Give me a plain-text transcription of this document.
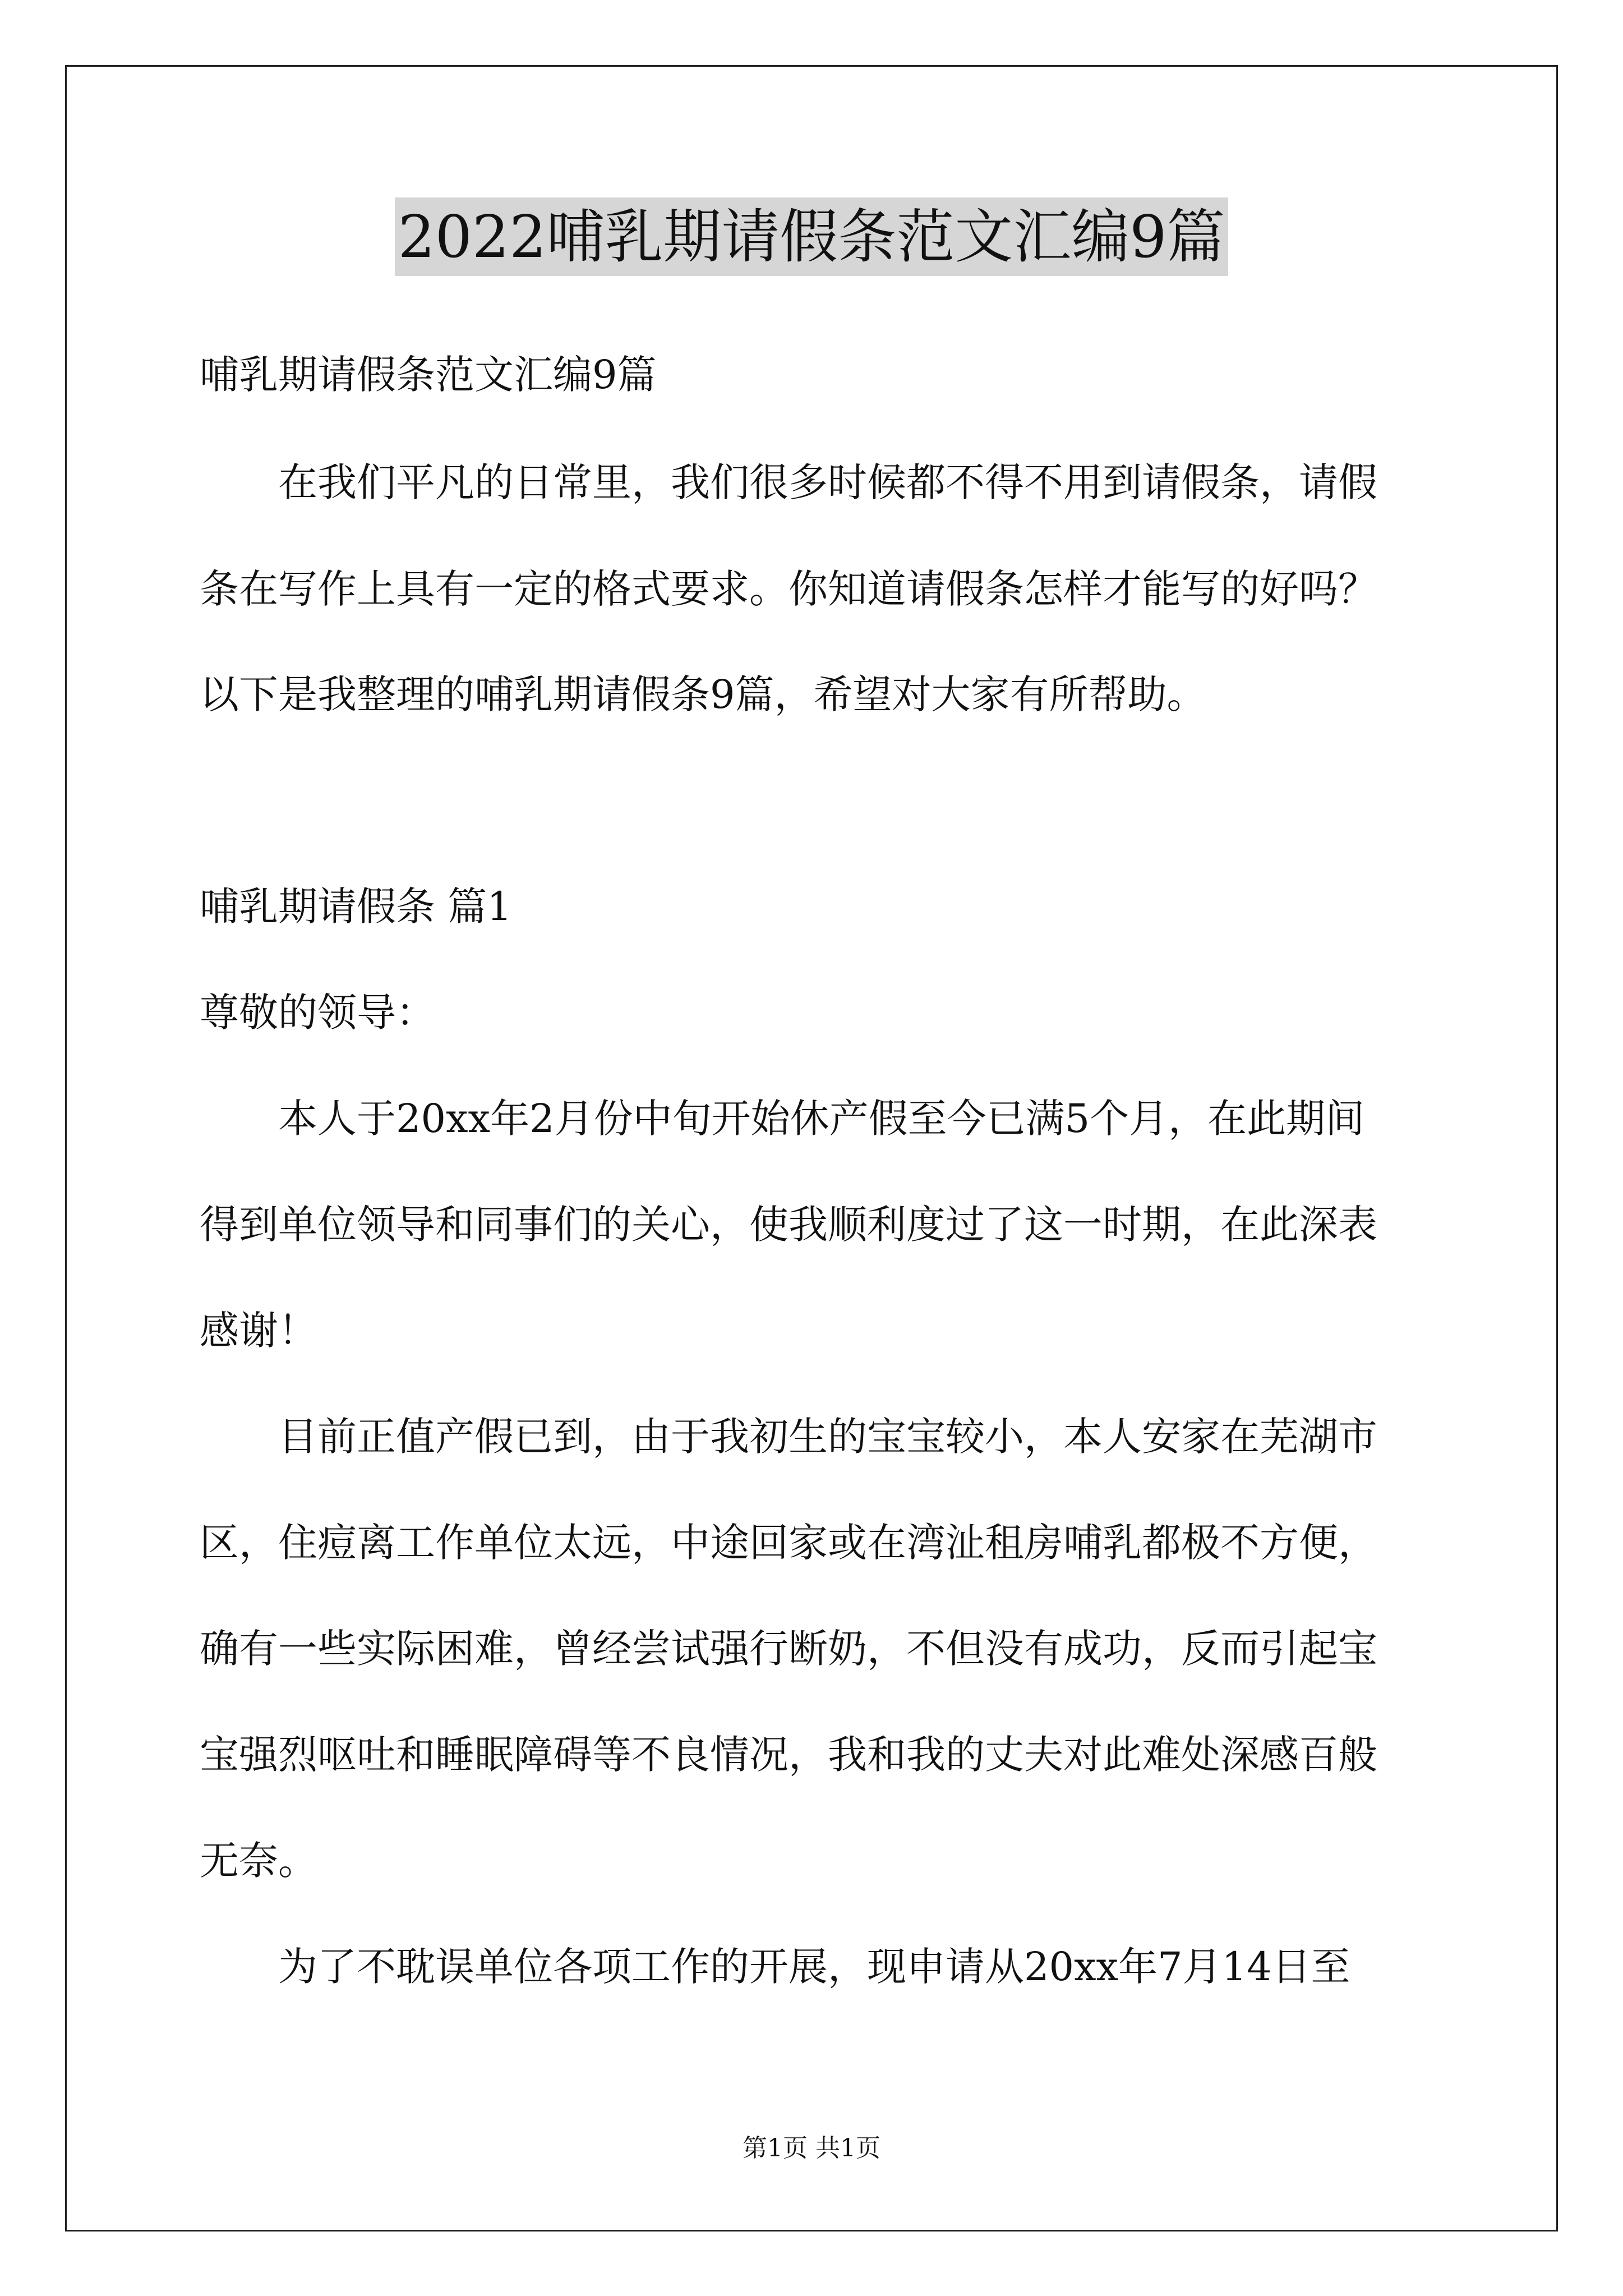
2022哺乳期请假条范文汇编9篇
哺乳期请假条范文汇编9篇
在我们平凡的日常里，我们很多时候都不得不用到请假条，请假
条在写作上具有一定的格式要求。你知道请假条怎样才能写的好吗？
以下是我整理的哺乳期请假条9篇，希望对大家有所帮助。
哺乳期请假条 篇1
尊敬的领导：
本人于20xx年2月份中旬开始休产假至今已满5个月，在此期间
得到单位领导和同事们的关心，使我顺利度过了这一时期，在此深表
感谢！
目前正值产假已到，由于我初生的宝宝较小，本人安家在芜湖市
区，住痘离工作单位太远，中途回家或在湾沚租房哺乳都极不方便，
确有一些实际困难，曾经尝试强行断奶，不但没有成功，反而引起宝
宝强烈呕吐和睡眠障碍等不良情况，我和我的丈夫对此难处深感百般
无奈。
为了不耽误单位各项工作的开展，现申请从20xx年7月14日至
第1页 共1页
